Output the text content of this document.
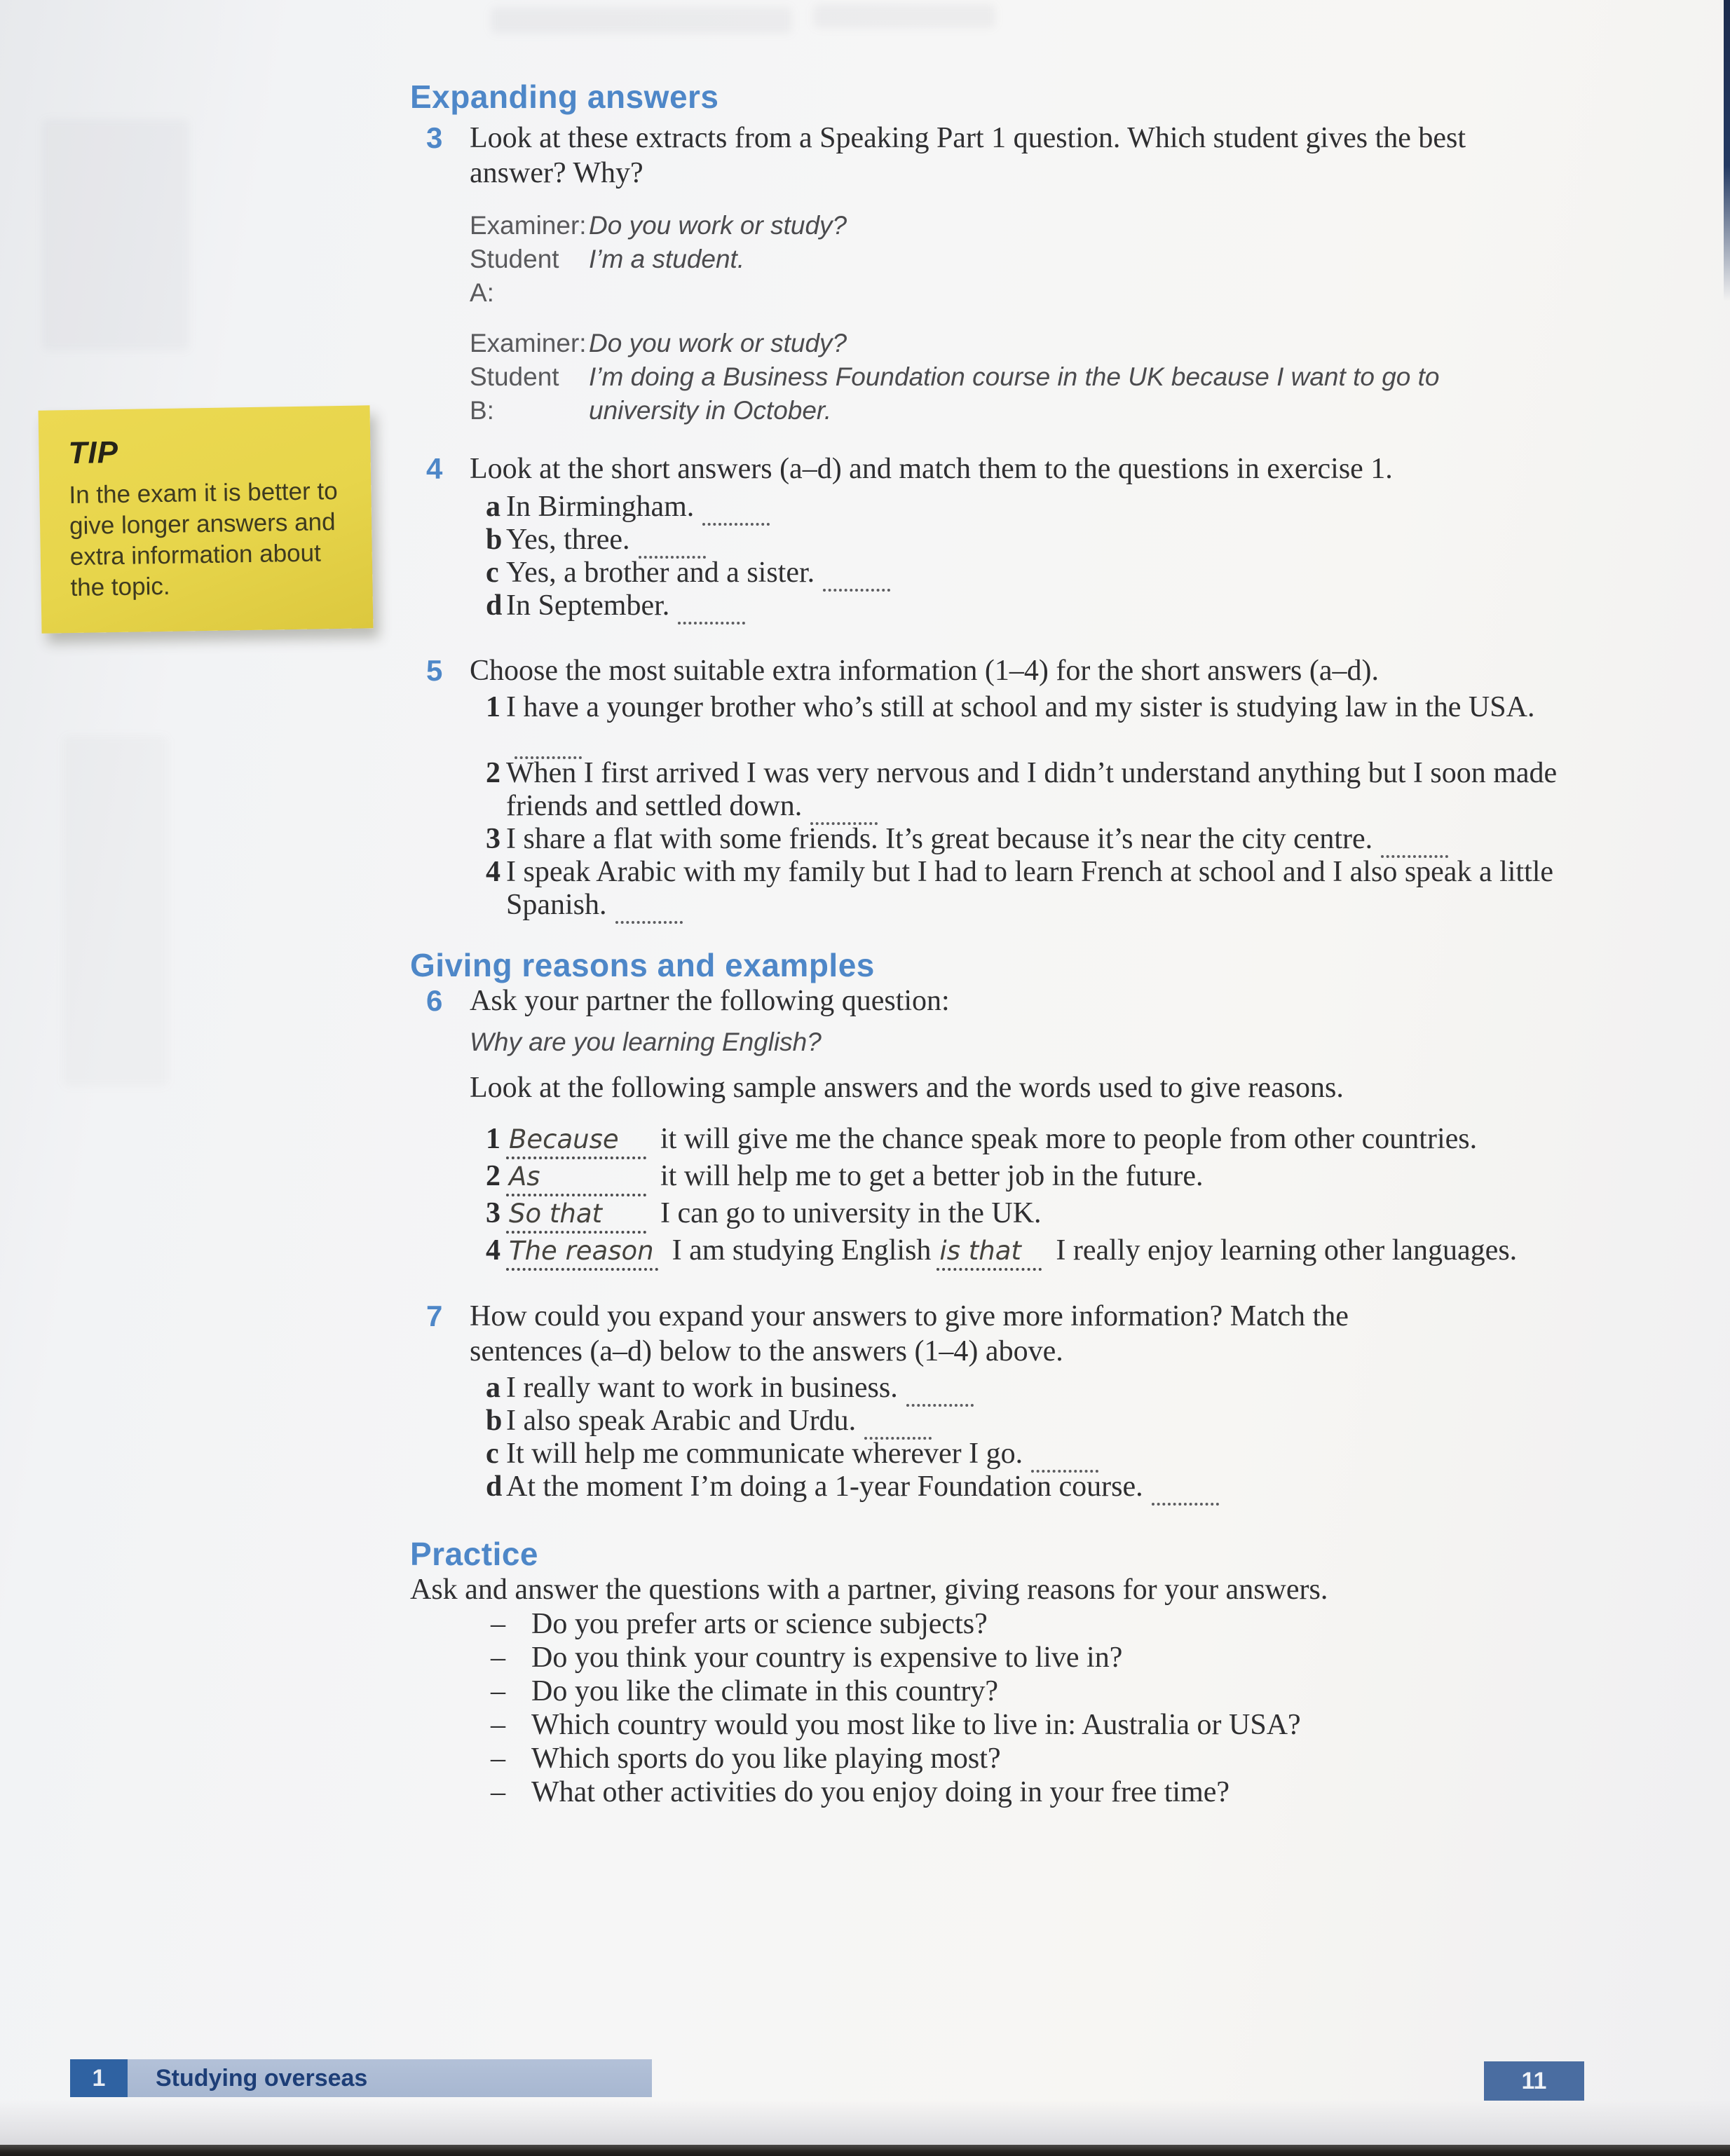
TIP
In the exam it is better to give longer answers and extra information about the topic.
Expanding answers
3 Look at these extracts from a Speaking Part 1 question. Which student gives the best answer? Why?
Examiner: Do you work or study?
Student A:
I’m a student.
Examiner: Do you work or study?
Student B:
I’m doing a Business Foundation course in the UK because I want to go to university in October.
4 Look at the short answers (a–d) and match them to the questions in exercise 1.
a In Birmingham.
b Yes, three.
c Yes, a brother and a sister.
d In September.
5 Choose the most suitable extra information (1–4) for the short answers (a–d).
1 I have a younger brother who’s still at school and my sister is studying law in the USA.
2 When I first arrived I was very nervous and I didn’t understand anything but I soon made friends and settled down.
3 I share a flat with some friends. It’s great because it’s near the city centre.
4 I speak Arabic with my family but I had to learn French at school and I also speak a little Spanish.
Giving reasons and examples
6 Ask your partner the following question:
Why are you learning English?
Look at the following sample answers and the words used to give reasons.
1 Because it will give me the chance speak more to people from other countries.
2 As	it will help me to get a better job in the future.
3 So that I can go to university in the UK.
4 The reason I am studying English is that I really enjoy learning other languages.
7 How could you expand your answers to give more information? Match the sentences (a–d) below to the answers (1–4) above.
a I really want to work in business.
b I also speak Arabic and Urdu.
c It will help me communicate wherever I go.
d At the moment I’m doing a 1-year Foundation course.
Practice
Ask and answer the questions with a partner, giving reasons for your answers.
– Do you prefer arts or science subjects?
– Do you think your country is expensive to live in?
– Do you like the climate in this country?
– Which country would you most like to live in: Australia or USA?
– Which sports do you like playing most?
– What other activities do you enjoy doing in your free time?
1	Studying overseas	11
